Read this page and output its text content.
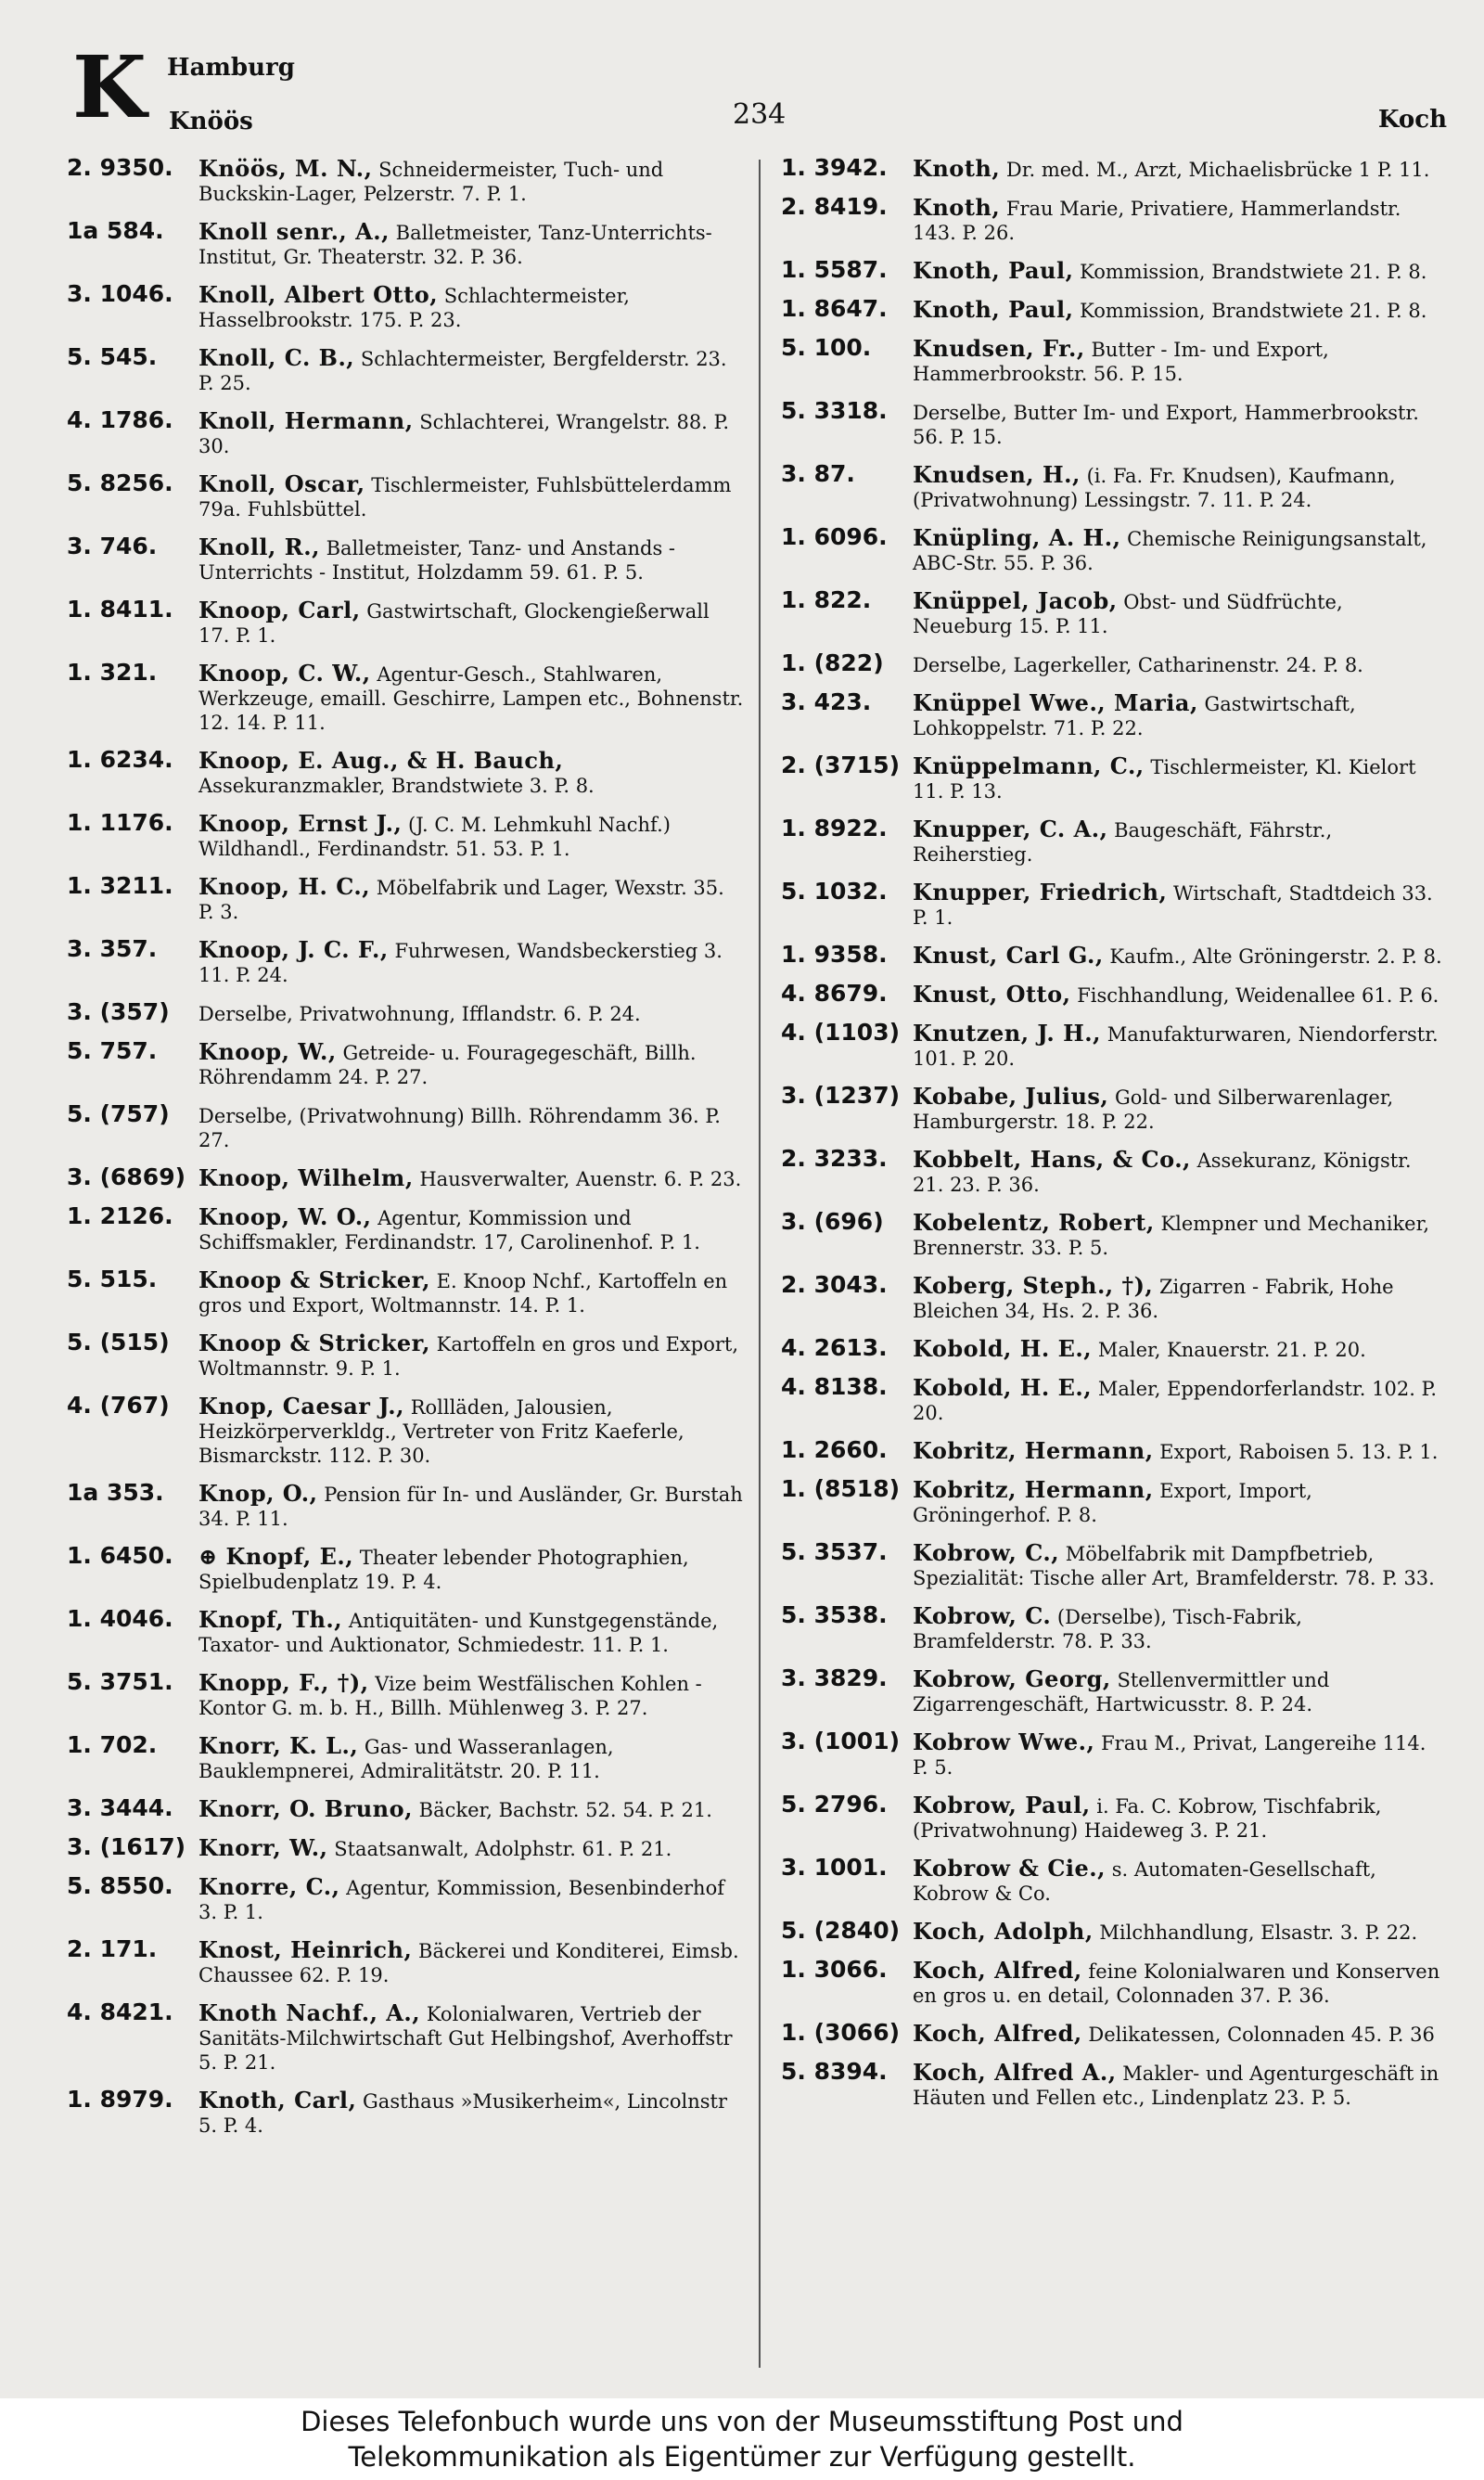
K Hamburg
Knöös	234	Koch
2. 9350.	Knöös, M. N., Schneidermeister, Tuch- und Buckskin-Lager, Pelzerstr. 7. P. 1.
1a 584.	Knoll senr., A., Balletmeister, Tanz-Unterrichts-Institut, Gr. Theaterstr. 32. P. 36.
3. 1046.	Knoll, Albert Otto, Schlachtermeister, Hasselbrookstr. 175. P. 23.
5. 545.	Knoll, C. B., Schlachtermeister, Bergfelderstr. 23. P. 25.
4. 1786.	Knoll, Hermann, Schlachterei, Wrangelstr. 88. P. 30.
5. 8256.	Knoll, Oscar, Tischlermeister, Fuhlsbüttelerdamm 79a. Fuhlsbüttel.
3. 746.	Knoll, R., Balletmeister, Tanz- und Anstands - Unterrichts - Institut, Holzdamm 59. 61. P. 5.
1. 8411.	Knoop, Carl, Gastwirtschaft, Glockengießerwall 17. P. 1.
1. 321.	Knoop, C. W., Agentur-Gesch., Stahlwaren, Werkzeuge, emaill. Geschirre, Lampen etc., Bohnenstr. 12. 14. P. 11.
1. 6234.	Knoop, E. Aug., & H. Bauch, Assekuranzmakler, Brandstwiete 3. P. 8.
1. 1176.	Knoop, Ernst J., (J. C. M. Lehmkuhl Nachf.) Wildhandl., Ferdinandstr. 51. 53. P. 1.
1. 3211.	Knoop, H. C., Möbelfabrik und Lager, Wexstr. 35. P. 3.
3. 357.	Knoop, J. C. F., Fuhrwesen, Wandsbeckerstieg 3. 11. P. 24.
3. (357)	Derselbe, Privatwohnung, Ifflandstr. 6. P. 24.
5. 757.	Knoop, W., Getreide- u. Fouragegeschäft, Billh. Röhrendamm 24. P. 27.
5. (757)	Derselbe, (Privatwohnung) Billh. Röhrendamm 36. P. 27.
3. (6869) Knoop, Wilhelm, Hausverwalter, Auenstr. 6. P. 23.
1. 2126.	Knoop, W. O., Agentur, Kommission und Schiffsmakler, Ferdinandstr. 17, Carolinenhof. P. 1.
5. 515.	Knoop & Stricker, E. Knoop Nchf., Kartoffeln en gros und Export, Woltmannstr. 14. P. 1.
5. (515)	Knoop & Stricker, Kartoffeln en gros und Export, Woltmannstr. 9. P. 1.
4. (767)	Knop, Caesar J., Rollläden, Jalousien, Heizkörperverkldg., Vertreter von Fritz Kaeferle, Bismarckstr. 112. P. 30.
1a 353.	Knop, O., Pension für In- und Ausländer, Gr. Burstah 34. P. 11.
1. 6450.	⊕ Knopf, E., Theater lebender Photographien, Spielbudenplatz 19. P. 4.
1. 4046.	Knopf, Th., Antiquitäten- und Kunstgegenstände, Taxator- und Auktionator, Schmiedestr. 11. P. 1.
5. 3751.	Knopp, F., †), Vize beim Westfälischen Kohlen - Kontor G. m. b. H., Billh. Mühlenweg 3. P. 27.
1. 702.	Knorr, K. L., Gas- und Wasseranlagen, Bauklempnerei, Admiralitätstr. 20. P. 11.
3. 3444.	Knorr, O. Bruno, Bäcker, Bachstr. 52. 54. P. 21.
3. (1617) Knorr, W., Staatsanwalt, Adolphstr. 61. P. 21.
5. 8550.	Knorre, C., Agentur, Kommission, Besenbinderhof 3. P. 1.
2. 171.	Knost, Heinrich, Bäckerei und Konditerei, Eimsb. Chaussee 62. P. 19.
4. 8421.	Knoth Nachf., A., Kolonialwaren, Vertrieb der Sanitäts-Milchwirtschaft Gut Helbingshof, Averhoffstr 5. P. 21.
1. 8979.	Knoth, Carl, Gasthaus »Musikerheim«, Lincolnstr 5. P. 4.
1. 3942.	Knoth, Dr. med. M., Arzt, Michaelisbrücke 1 P. 11.
2. 8419.	Knoth, Frau Marie, Privatiere, Hammerlandstr. 143. P. 26.
1. 5587.	Knoth, Paul, Kommission, Brandstwiete 21. P. 8.
1. 8647.	Knoth, Paul, Kommission, Brandstwiete 21. P. 8.
5. 100.	Knudsen, Fr., Butter - Im- und Export, Hammerbrookstr. 56. P. 15.
5. 3318.	Derselbe, Butter Im- und Export, Hammerbrookstr. 56. P. 15.
3. 87.	Knudsen, H., (i. Fa. Fr. Knudsen), Kaufmann, (Privatwohnung) Lessingstr. 7. 11. P. 24.
1. 6096.	Knüpling, A. H., Chemische Reinigungsanstalt, ABC-Str. 55. P. 36.
1. 822.	Knüppel, Jacob, Obst- und Südfrüchte, Neueburg 15. P. 11.
1. (822)	Derselbe, Lagerkeller, Catharinenstr. 24. P. 8.
3. 423.	Knüppel Wwe., Maria, Gastwirtschaft, Lohkoppelstr. 71. P. 22.
2. (3715) Knüppelmann, C., Tischlermeister, Kl. Kielort 11. P. 13.
1. 8922.	Knupper, C. A., Baugeschäft, Fährstr., Reiherstieg.
5. 1032.	Knupper, Friedrich, Wirtschaft, Stadtdeich 33. P. 1.
1. 9358.	Knust, Carl G., Kaufm., Alte Gröningerstr. 2. P. 8.
4. 8679.	Knust, Otto, Fischhandlung, Weidenallee 61. P. 6.
4. (1103) Knutzen, J. H., Manufakturwaren, Niendorferstr. 101. P. 20.
3. (1237) Kobabe, Julius, Gold- und Silberwarenlager, Hamburgerstr. 18. P. 22.
2. 3233.	Kobbelt, Hans, & Co., Assekuranz, Königstr. 21. 23. P. 36.
3. (696)	Kobelentz, Robert, Klempner und Mechaniker, Brennerstr. 33. P. 5.
2. 3043.	Koberg, Steph., †), Zigarren - Fabrik, Hohe Bleichen 34, Hs. 2. P. 36.
4. 2613.	Kobold, H. E., Maler, Knauerstr. 21. P. 20.
4. 8138.	Kobold, H. E., Maler, Eppendorferlandstr. 102. P. 20.
1. 2660.	Kobritz, Hermann, Export, Raboisen 5. 13. P. 1.
1. (8518) Kobritz, Hermann, Export, Import, Gröningerhof. P. 8.
5. 3537.	Kobrow, C., Möbelfabrik mit Dampfbetrieb, Spezialität: Tische aller Art, Bramfelderstr. 78. P. 33.
5. 3538.	Kobrow, C. (Derselbe), Tisch-Fabrik, Bramfelderstr. 78. P. 33.
3. 3829.	Kobrow, Georg, Stellenvermittler und Zigarrengeschäft, Hartwicusstr. 8. P. 24.
3. (1001) Kobrow Wwe., Frau M., Privat, Langereihe 114. P. 5.
5. 2796.	Kobrow, Paul, i. Fa. C. Kobrow, Tischfabrik, (Privatwohnung) Haideweg 3. P. 21.
3. 1001.	Kobrow & Cie., s. Automaten-Gesellschaft, Kobrow & Co.
5. (2840) Koch, Adolph, Milchhandlung, Elsastr. 3. P. 22.
1. 3066.	Koch, Alfred, feine Kolonialwaren und Konserven en gros u. en detail, Colonnaden 37. P. 36.
1. (3066) Koch, Alfred, Delikatessen, Colonnaden 45. P. 36
5. 8394.	Koch, Alfred A., Makler- und Agenturgeschäft in Häuten und Fellen etc., Lindenplatz 23. P. 5.
Dieses Telefonbuch wurde uns von der Museumsstiftung Post und
Telekommunikation als Eigentümer zur Verfügung gestellt.
